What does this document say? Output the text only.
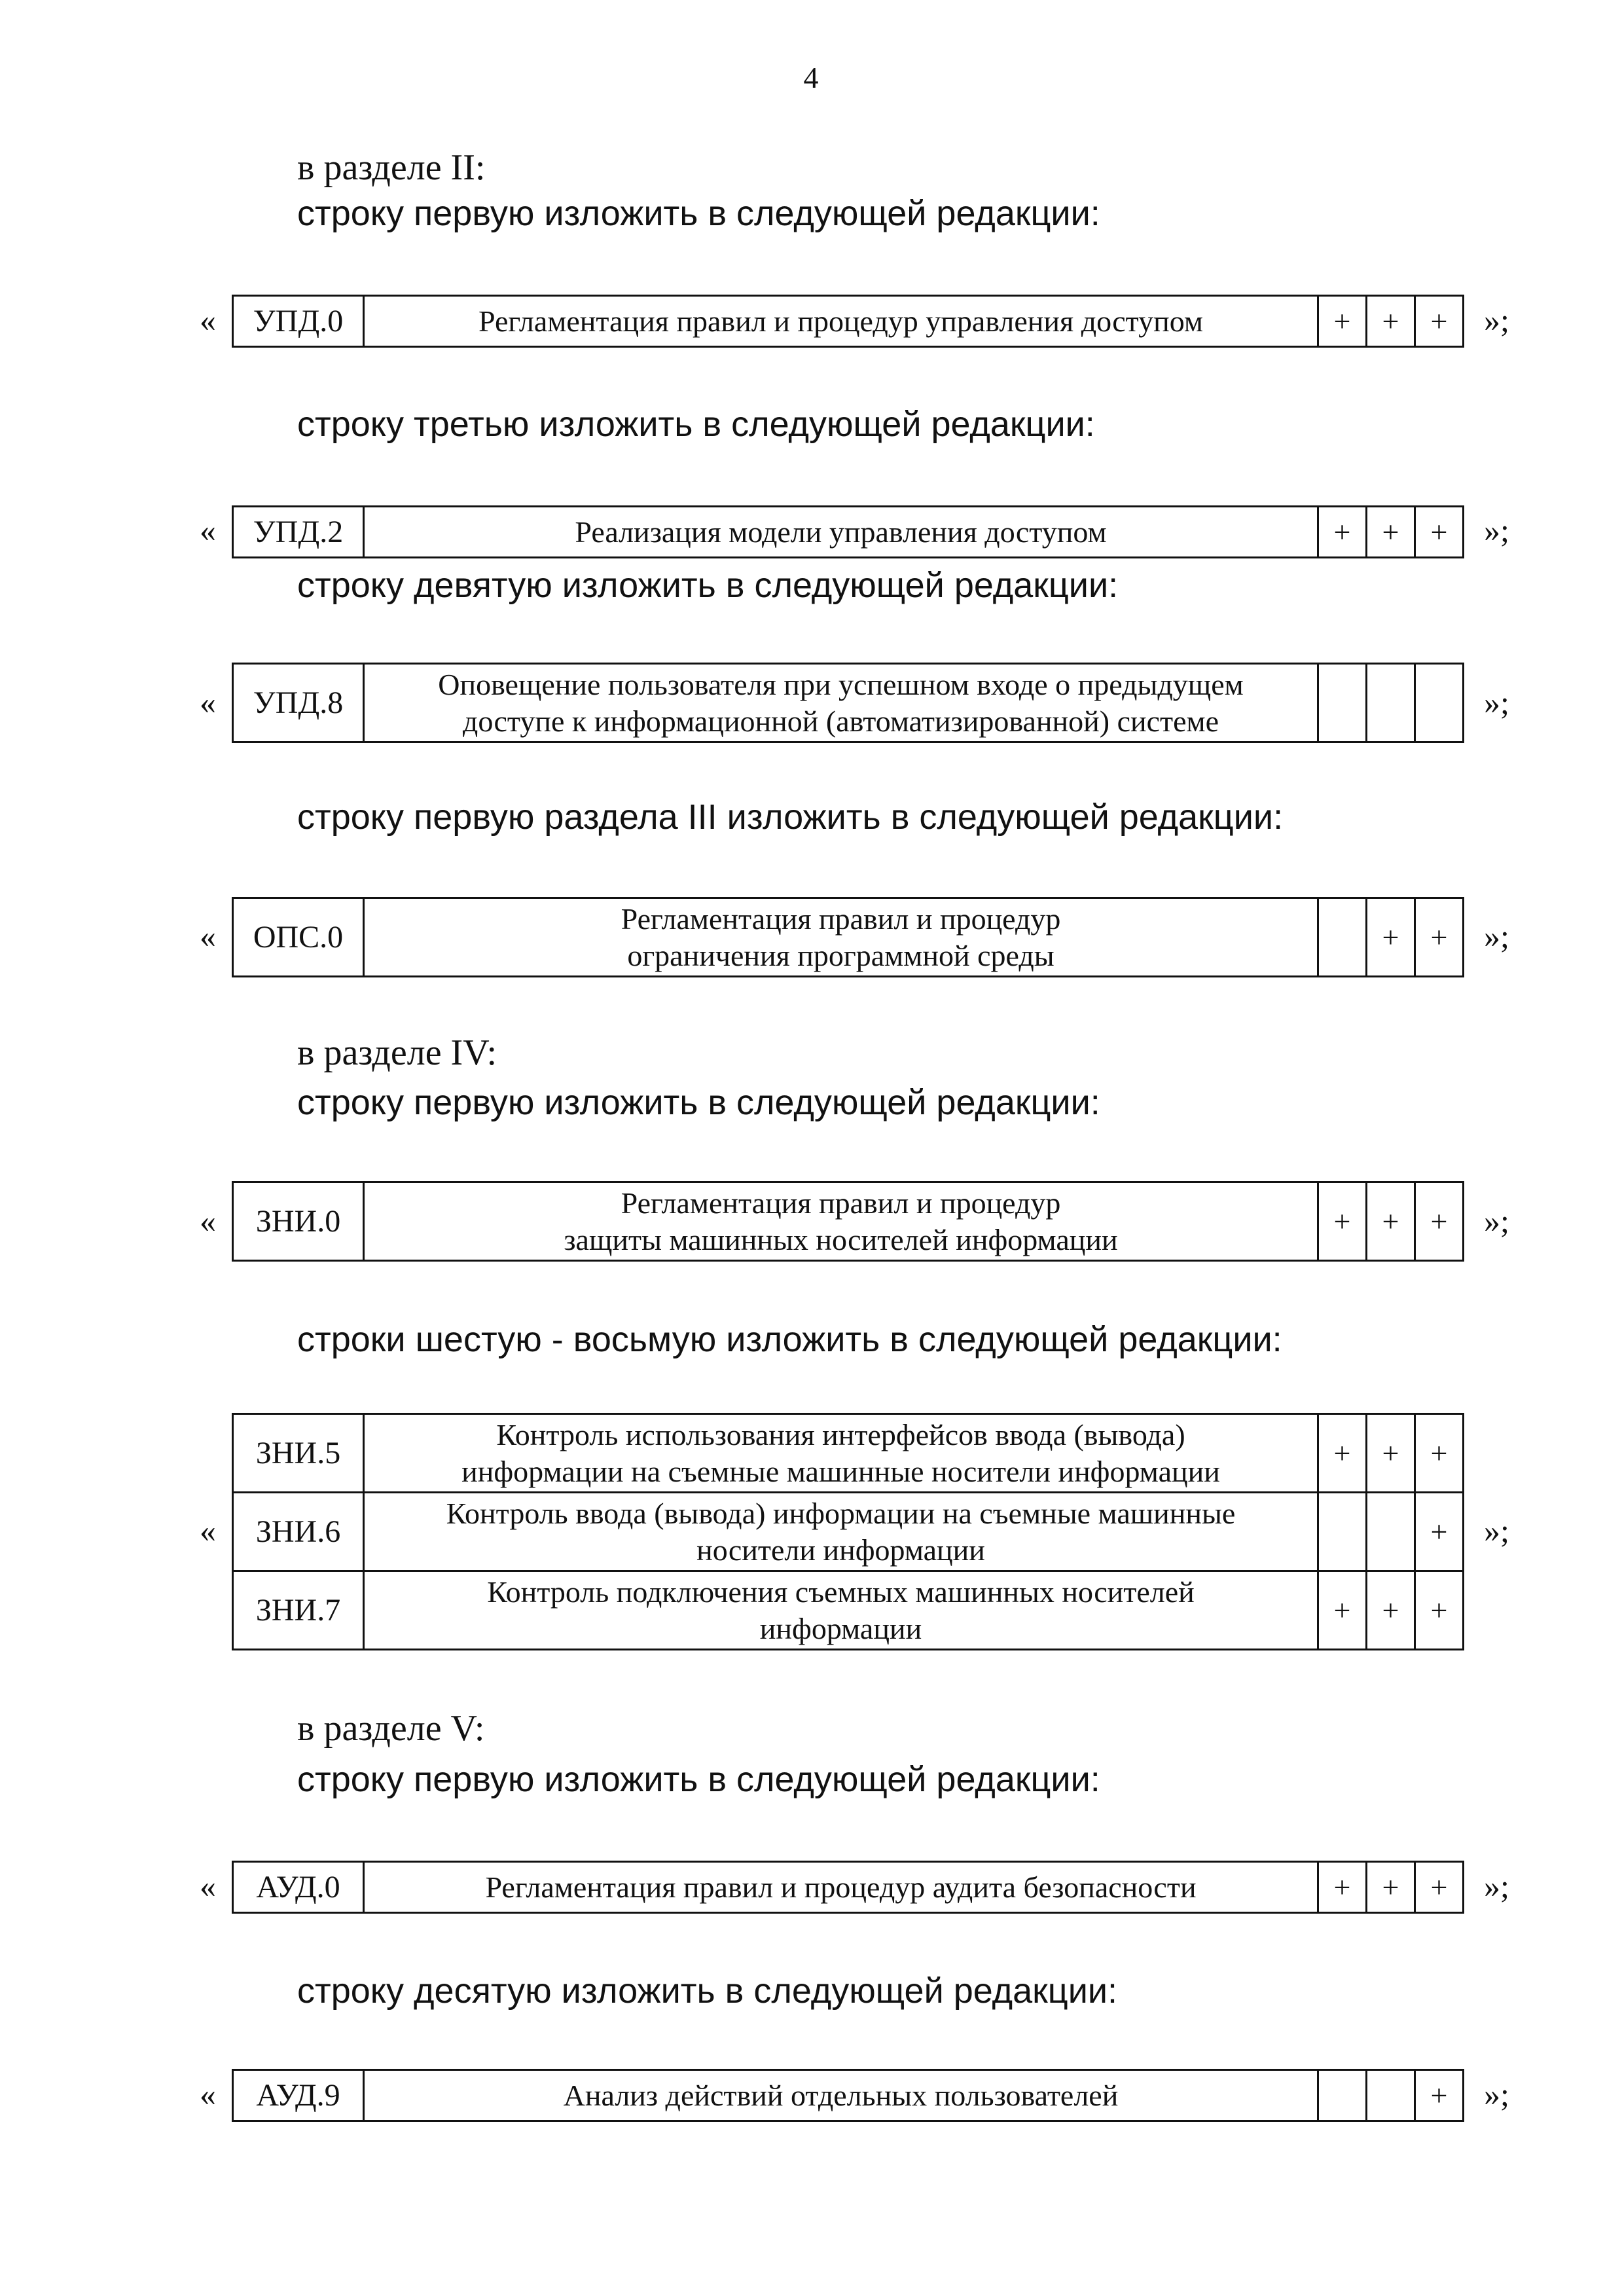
4
в разделе II:
строку первую изложить в следующей редакции:
« УПД.0	Регламентация правил и процедур управления доступом	+	+	+ »;
строку третью изложить в следующей редакции:
« УПД.2	Реализация модели управления доступом	+	+	+ »;
строку девятую изложить в следующей редакции:
« УПД.8	
Оповещение пользователя при успешном входе о предыдущем
доступе к информационной (автоматизированной) системе
				»;
строку первую раздела III изложить в следующей редакции:
« ОПС.0	
Регламентация правил и процедур
ограничения программной среды
		+	+ »;
в разделе IV:
строку первую изложить в следующей редакции:
« ЗНИ.0	
Регламентация правил и процедур
защиты машинных носителей информации
	+	+	+ »;
строки шестую - восьмую изложить в следующей редакции:
«
ЗНИ.5	Контроль использования интерфейсов ввода (вывода)
информации на съемные машинные носители информации	+	+	+
ЗНИ.6	Контроль ввода (вывода) информации на съемные машинные
носители информации			+
ЗНИ.7	Контроль подключения съемных машинных носителей
информации	+	+	+
»;
в разделе V:
строку первую изложить в следующей редакции:
« АУД.0	Регламентация правил и процедур аудита безопасности	+	+	+ »;
строку десятую изложить в следующей редакции:
« АУД.9	Анализ действий отдельных пользователей			+ »;
